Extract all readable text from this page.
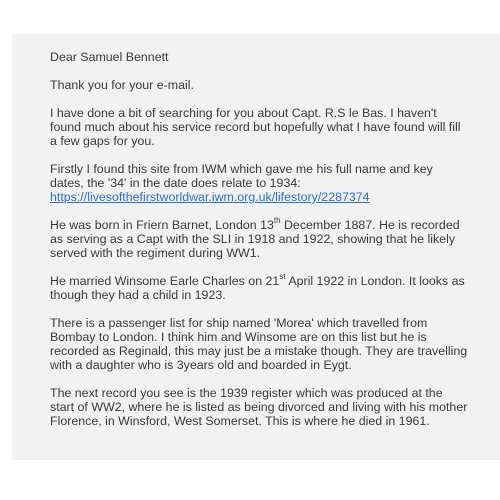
Dear Samuel Bennett

Thank you for your e-mail.

I have done a bit of searching for you about Capt. R.S le Bas. I haven't found much about his service record but hopefully what I have found will fill a few gaps for you.

Firstly I found this site from IWM which gave me his full name and key dates, the '34' in the date does relate to 1934: https://livesofthefirstworldwar.iwm.org.uk/lifestory/2287374

He was born in Friern Barnet, London 13th December 1887. He is recorded as serving as a Capt with the SLI in 1918 and 1922, showing that he likely served with the regiment during WW1.

He married Winsome Earle Charles on 21st April 1922 in London. It looks as though they had a child in 1923.

There is a passenger list for ship named 'Morea' which travelled from Bombay to London. I think him and Winsome are on this list but he is recorded as Reginald, this may just be a mistake though. They are travelling with a daughter who is 3years old and boarded in Eygt.

The next record you see is the 1939 register which was produced at the start of WW2, where he is listed as being divorced and living with his mother Florence, in Winsford, West Somerset. This is where he died in 1961.
